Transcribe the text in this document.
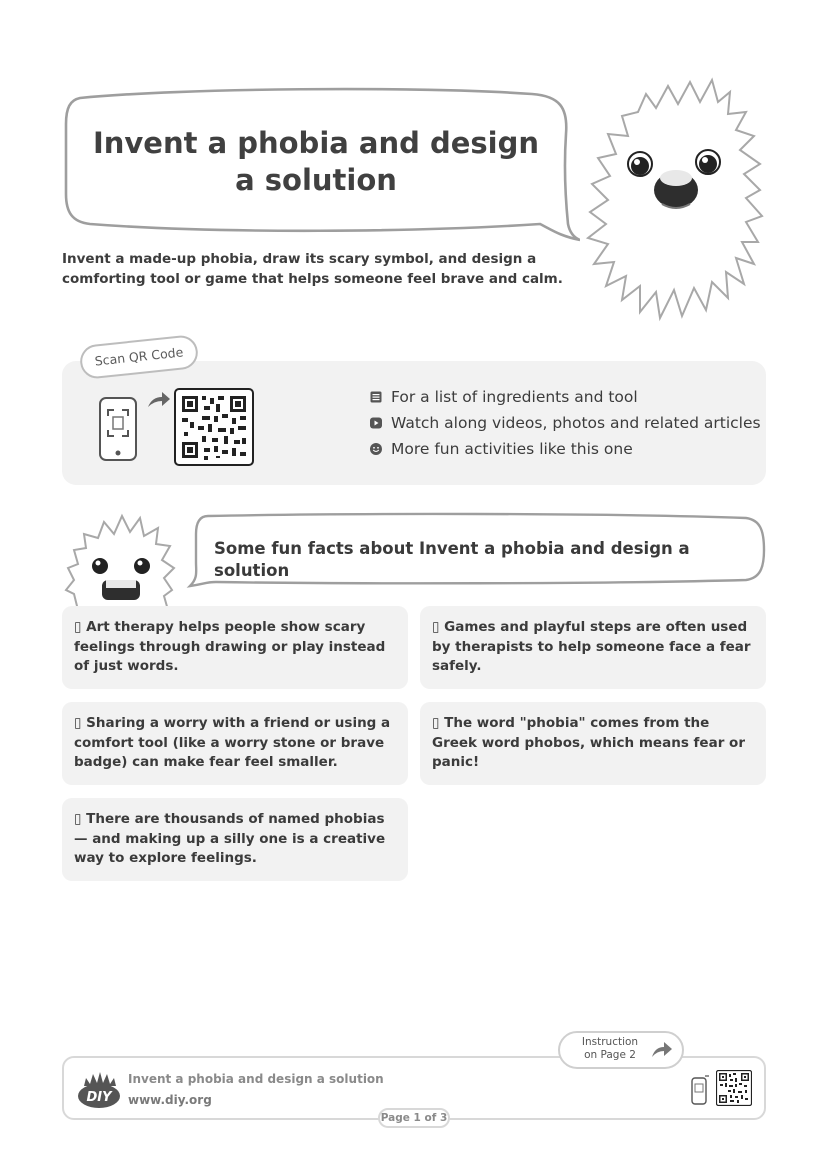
Invent a phobia and design a solution
Invent a made-up phobia, draw its scary symbol, and design a comforting tool or game that helps someone feel brave and calm.
Scan QR Code
For a list of ingredients and tool
Watch along videos, photos and related articles
More fun activities like this one
Some fun facts about Invent a phobia and design a solution
▯ Art therapy helps people show scary feelings through drawing or play instead of just words.
▯ Games and playful steps are often used by therapists to help someone face a fear safely.
▯ Sharing a worry with a friend or using a comfort tool (like a worry stone or brave badge) can make fear feel smaller.
▯ The word "phobia" comes from the Greek word phobos, which means fear or panic!
▯ There are thousands of named phobias — and making up a silly one is a creative way to explore feelings.
Instruction
on Page 2
DIY
Invent a phobia and design a solution
www.diy.org
Page 1 of 3
